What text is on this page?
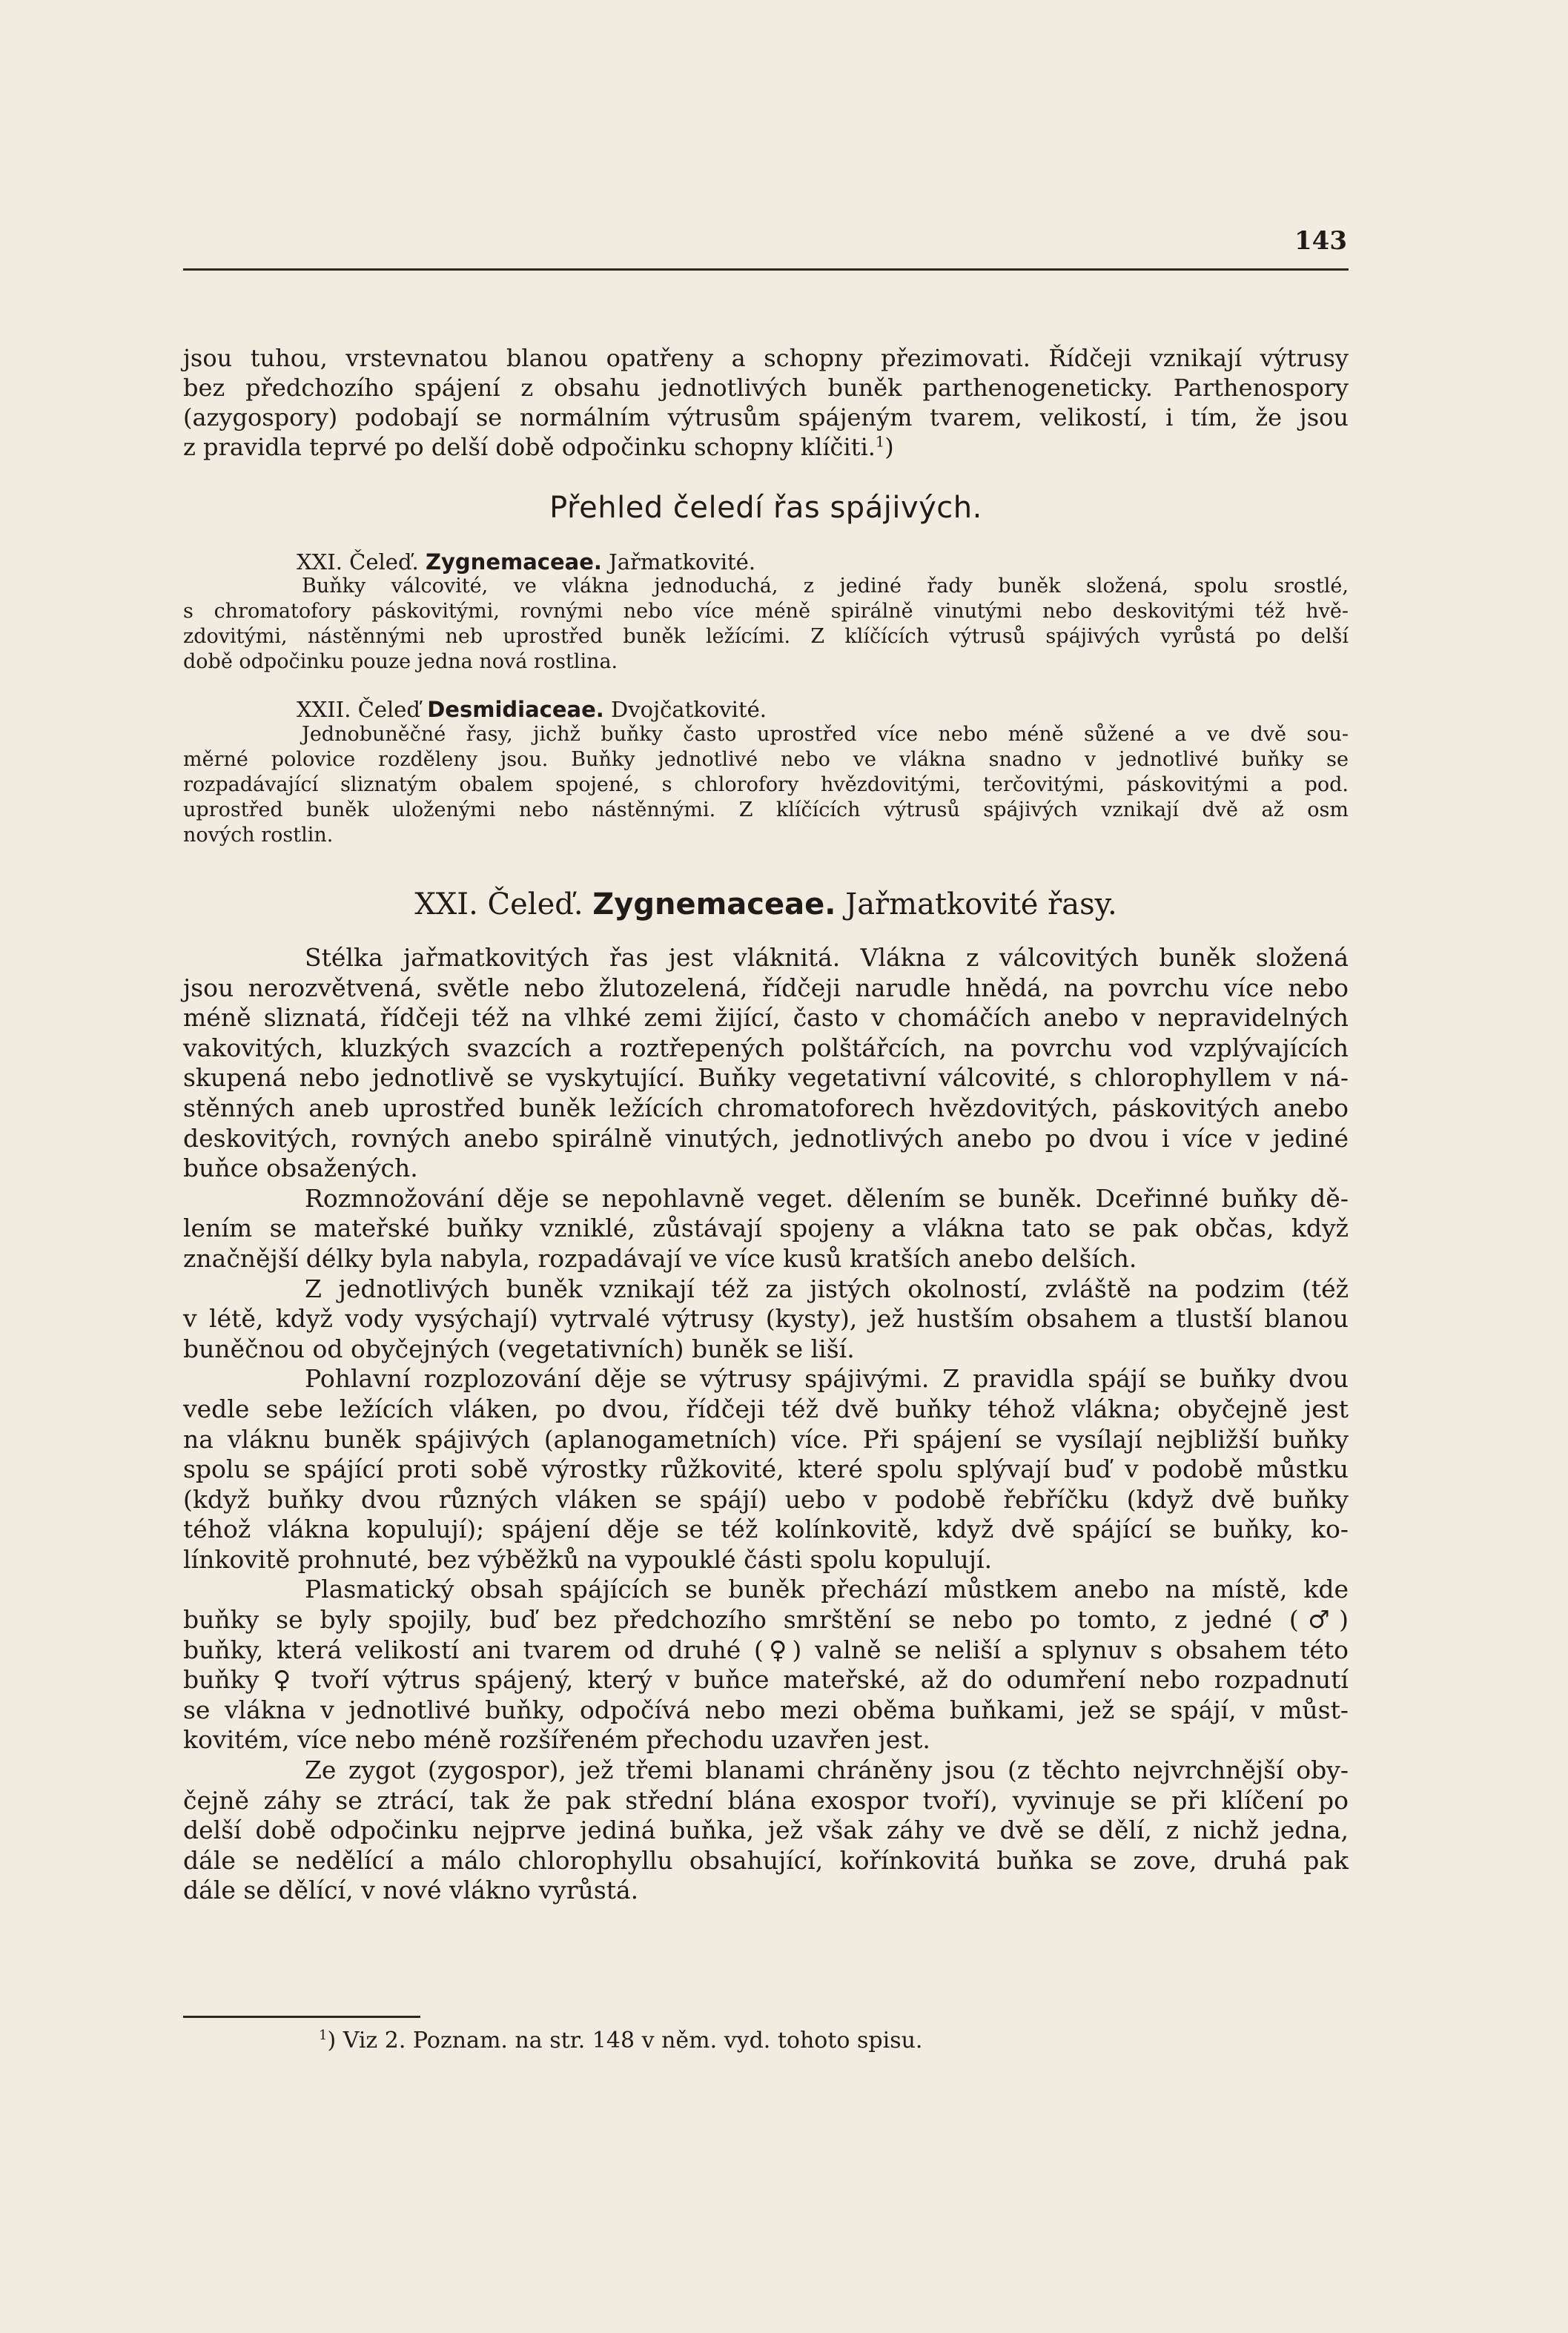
143

jsou tuhou, vrstevnatou blanou opatřeny a schopny přezimovati. Řídčeji vznikají výtrusy
bez předchozího spájení z obsahu jednotlivých buněk parthenogeneticky. Parthenospory
(azygospory) podobají se normálním výtrusům spájeným tvarem, velikostí, i tím, že jsou
z pravidla teprvé po delší době odpočinku schopny klíčiti.$^1$)
Přehled čeledí řas spájivých.

XXI. Čeleď. Zygnemaceae. Jařmatkovité.

Buňky válcovité, ve vlákna jednoduchá, z jediné řady buněk složená, spolu srostlé,
s chromatofory páskovitými, rovnými nebo více méně spirálně vinutými nebo deskovitými též hvě-
zdovitými, nástěnnými neb uprostřed buněk ležícími. Z klíčících výtrusů spájivých vyrůstá po delší
době odpočinku pouze jedna nová rostlina.

XXII. Čeleď Desmidiaceae. Dvojčatkovité.

Jednobuněčné řasy, jichž buňky často uprostřed více nebo méně sůžené a ve dvě sou-
měrné polovice rozděleny jsou. Buňky jednotlivé nebo ve vlákna snadno v jednotlivé buňky se
rozpadávající sliznatým obalem spojené, s chlorofory hvězdovitými, terčovitými, páskovitými a pod.
uprostřed buněk uloženými nebo nástěnnými. Z klíčících výtrusů spájivých vznikají dvě až osm
nových rostlin.
XXI. Čeleď. Zygnemaceae. Jařmatkovité řasy.

Stélka jařmatkovitých řas jest vláknitá. Vlákna z válcovitých buněk složená
jsou nerozvětvená, světle nebo žlutozelená, řídčeji narudle hnědá, na povrchu více nebo
méně sliznatá, řídčeji též na vlhké zemi žijící, často v chomáčích anebo v nepravidelných
vakovitých, kluzkých svazcích a roztřepených polštářcích, na povrchu vod vzplývajících
skupená nebo jednotlivě se vyskytující. Buňky vegetativní válcovité, s chlorophyllem v ná-
stěnných aneb uprostřed buněk ležících chromatoforech hvězdovitých, páskovitých anebo
deskovitých, rovných anebo spirálně vinutých, jednotlivých anebo po dvou i více v jediné
buňce obsažených.

Rozmnožování děje se nepohlavně veget. dělením se buněk. Dceřinné buňky dě-
lením se mateřské buňky vzniklé, zůstávají spojeny a vlákna tato se pak občas, když
značnější délky byla nabyla, rozpadávají ve více kusů kratších anebo delších.

Z jednotlivých buněk vznikají též za jistých okolností, zvláště na podzim (též
v létě, když vody vysýchají) vytrvalé výtrusy (kysty), jež hustším obsahem a tlustší blanou
buněčnou od obyčejných (vegetativních) buněk se liší.

Pohlavní rozplozování děje se výtrusy spájivými. Z pravidla spájí se buňky dvou
vedle sebe ležících vláken, po dvou, řídčeji též dvě buňky téhož vlákna; obyčejně jest
na vláknu buněk spájivých (aplanogametních) více. Při spájení se vysílají nejbližší buňky
spolu se spájící proti sobě výrostky růžkovité, které spolu splývají buď v podobě můstku
(když buňky dvou různých vláken se spájí) uebo v podobě řebříčku (když dvě buňky
téhož vlákna kopulují); spájení děje se též kolínkovitě, když dvě spájící se buňky, ko-
línkovitě prohnuté, bez výběžků na vypouklé části spolu kopulují.

Plasmatický obsah spájících se buněk přechází můstkem anebo na místě, kde
buňky se byly spojily, buď bez předchozího smrštění se nebo po tomto, z jedné (♂)
buňky, která velikostí ani tvarem od druhé (♀) valně se neliší a splynuv s obsahem této
buňky ♀ tvoří výtrus spájený, který v buňce mateřské, až do odumření nebo rozpadnutí
se vlákna v jednotlivé buňky, odpočívá nebo mezi oběma buňkami, jež se spájí, v můst-
kovitém, více nebo méně rozšířeném přechodu uzavřen jest.

Ze zygot (zygospor), jež třemi blanami chráněny jsou (z těchto nejvrchnější oby-
čejně záhy se ztrácí, tak že pak střední blána exospor tvoří), vyvinuje se při klíčení po
delší době odpočinku nejprve jediná buňka, jež však záhy ve dvě se dělí, z nichž jedna,
dále se nedělící a málo chlorophyllu obsahující, kořínkovitá buňka se zove, druhá pak
dále se dělící, v nové vlákno vyrůstá.

$^1$) Viz 2. Poznam. na str. 148 v něm. vyd. tohoto spisu.
